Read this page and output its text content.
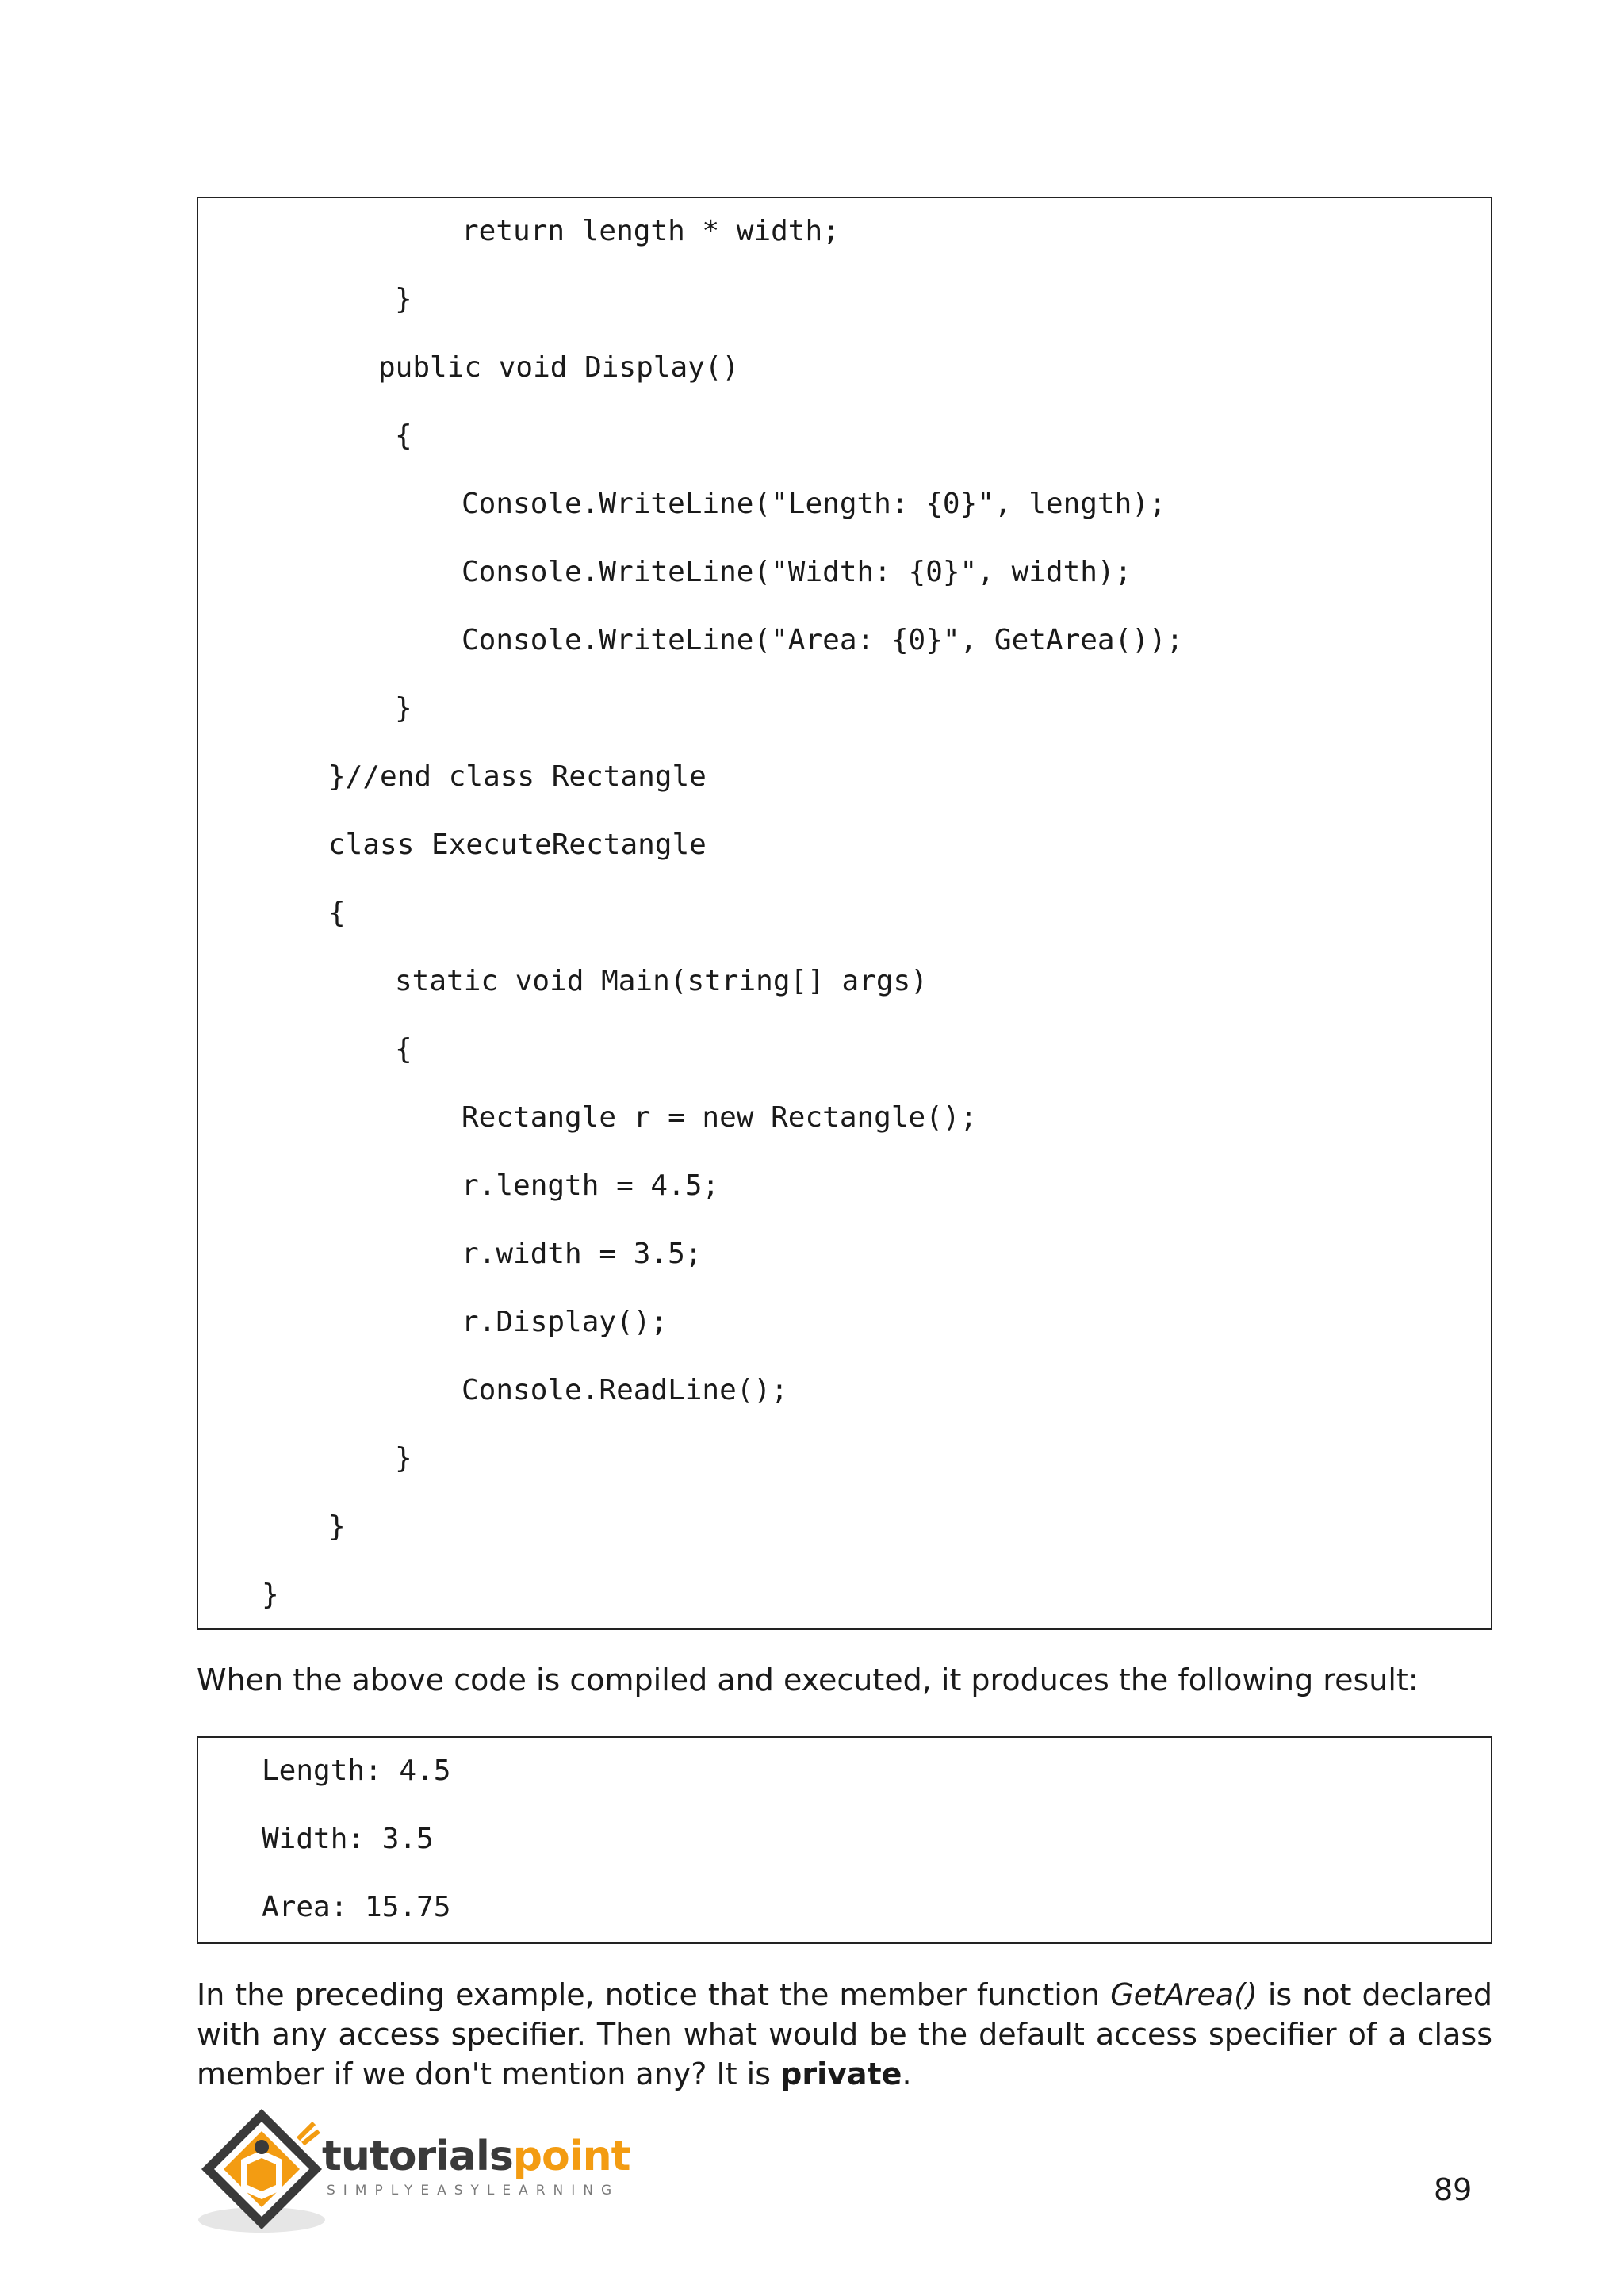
return length * width;
}
public void Display()
{
Console.WriteLine("Length: {0}", length);
Console.WriteLine("Width: {0}", width);
Console.WriteLine("Area: {0}", GetArea());
}
}//end class Rectangle
class ExecuteRectangle
{
static void Main(string[] args)
{
Rectangle r = new Rectangle();
r.length = 4.5;
r.width = 3.5;
r.Display();
Console.ReadLine();
}
}
}
When the above code is compiled and executed, it produces the following result:
Length: 4.5
Width: 3.5
Area: 15.75
In the preceding example, notice that the member function GetArea() is not declared
with any access specifier. Then what would be the default access specifier of a class
member if we don't mention any? It is private.
tutorialspoint
SIMPLYEASYLEARNING	89
